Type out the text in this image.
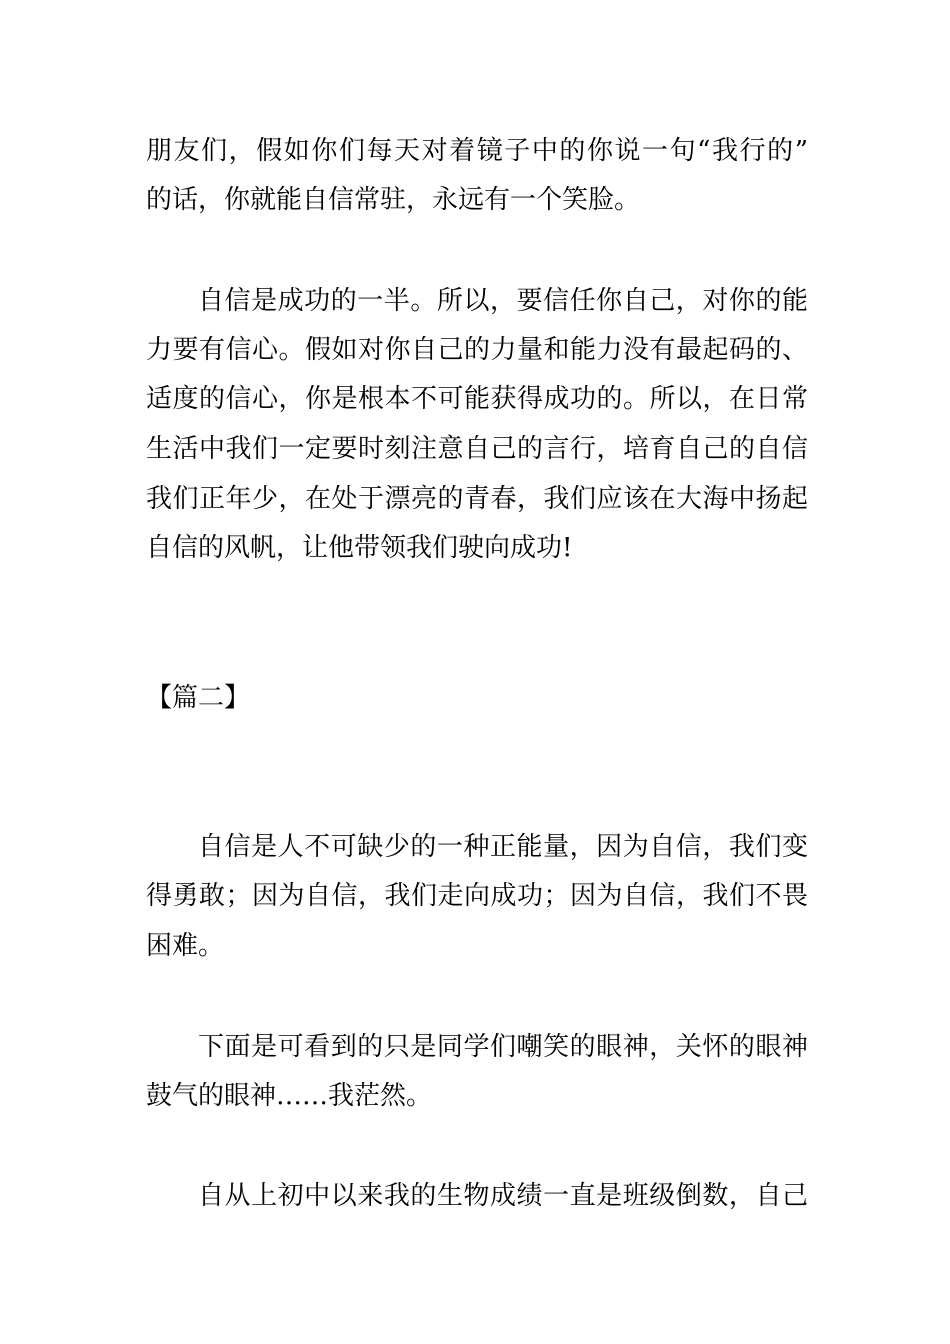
朋友们，假如你们每天对着镜子中的你说一句“我行的”
的话，你就能自信常驻，永远有一个笑脸。
自信是成功的一半。所以，要信任你自己，对你的能
力要有信心。假如对你自己的力量和能力没有最起码的、
适度的信心，你是根本不可能获得成功的。所以，在日常
生活中我们一定要时刻注意自己的言行，培育自己的自信
我们正年少，在处于漂亮的青春，我们应该在大海中扬起
自信的风帆，让他带领我们驶向成功!
【篇二】
自信是人不可缺少的一种正能量，因为自信，我们变
得勇敢；因为自信，我们走向成功；因为自信，我们不畏
困难。
下面是可看到的只是同学们嘲笑的眼神，关怀的眼神
鼓气的眼神……我茫然。
自从上初中以来我的生物成绩一直是班级倒数，自己
